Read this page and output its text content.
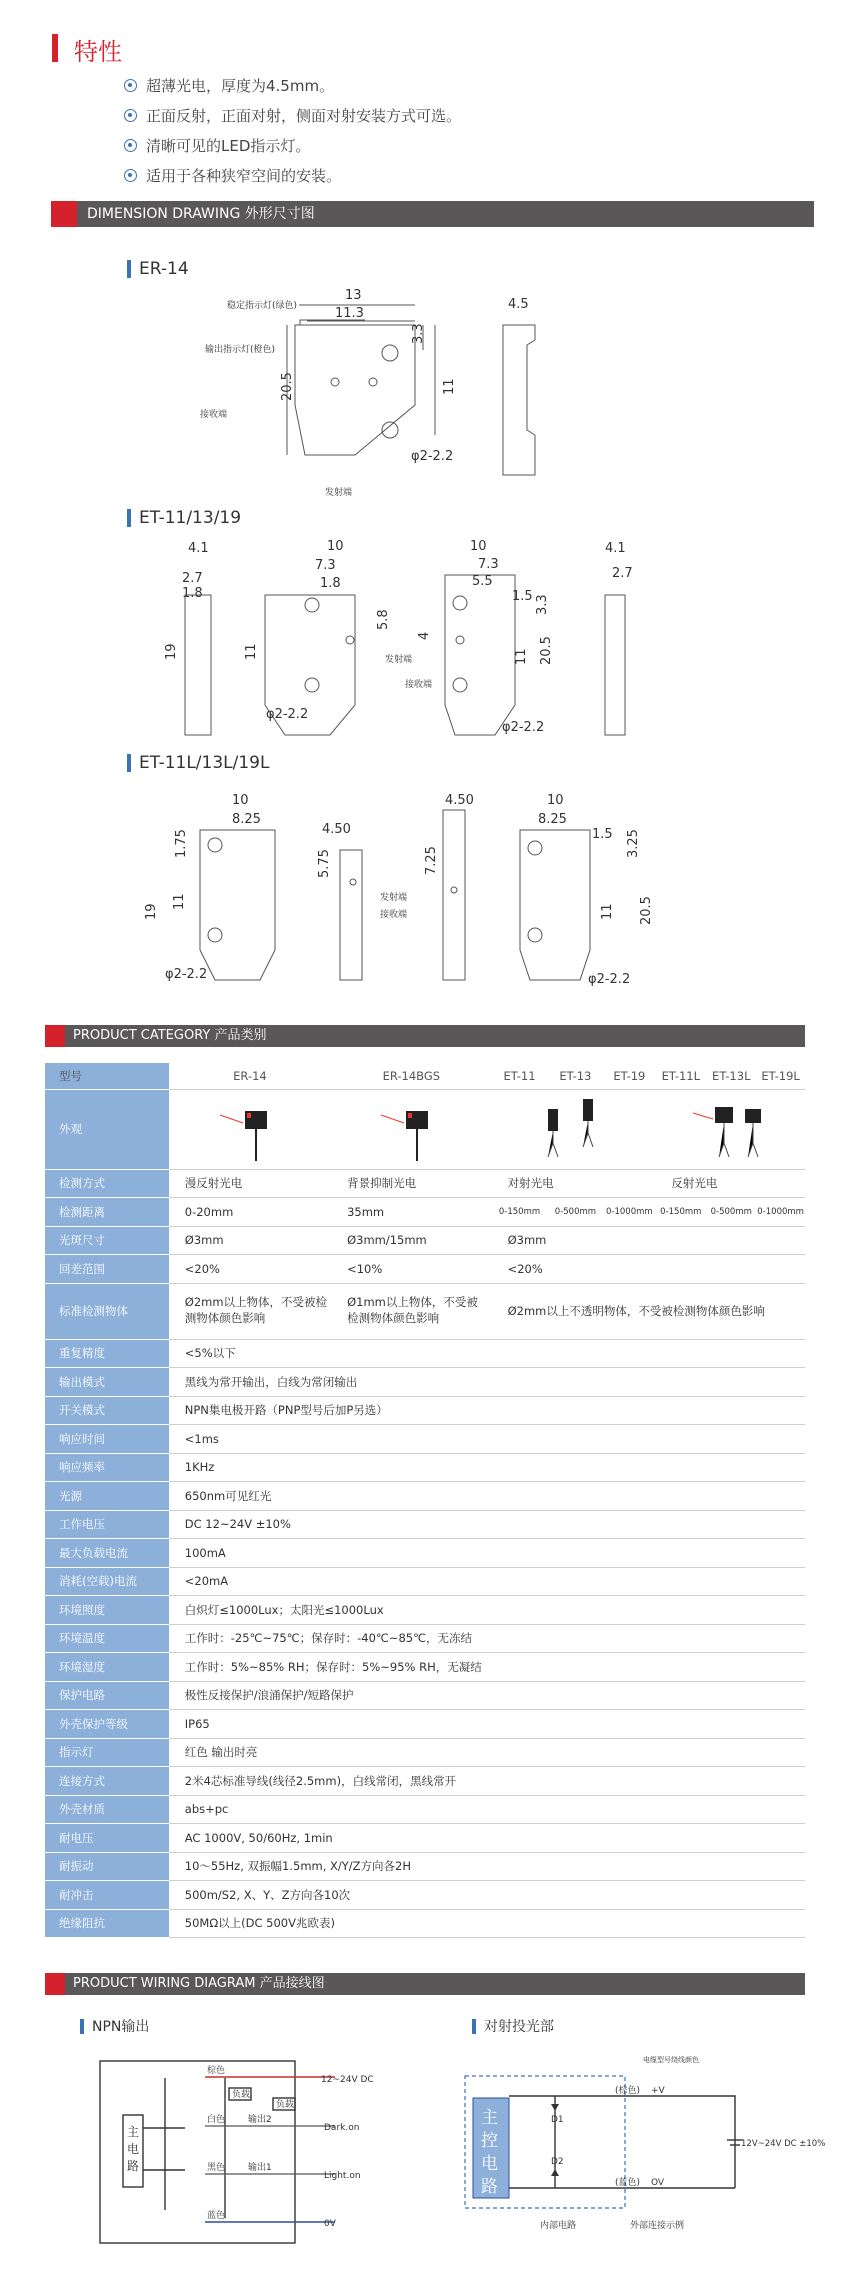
特性
超薄光电，厚度为4.5mm。
正面反射，正面对射，侧面对射安装方式可选。
清晰可见的LED指示灯。
适用于各种狭窄空间的安装。
DIMENSION DRAWING 外形尺寸图
ER-14
13
11.3
3.3
11
20.5
φ2-2.2
稳定指示灯(绿色)
输出指示灯(橙色)
接收端
发射端
4.5
ET-11/13/19
4.1
2.7
1.8
19
10
7.3
1.8
5.8
11
φ2-2.2
发射端
接收端
4
10
7.3
5.5
1.5 3.3
11 20.5
φ2-2.2
4.1
2.7
ET-11L/13L/19L
10
8.25
1.75
19
11
φ2-2.2
4.50
5.75
发射端
接收端
4.50
7.25
10
8.25
1.5 3.25
11 20.5
φ2-2.2
PRODUCT CATEGORY 产品类别
型号	ER-14	ER-14BGS	ET-11	ET-13	ET-19	ET-11L	ET-13L	ET-19L
外观				
检测方式	漫反射光电	背景抑制光电	对射光电			反射光电		
检测距离	0-20mm	35mm	0-150mm	0-500mm	0-1000mm	0-150mm	0-500mm	0-1000mm
光斑尺寸	Ø3mm	Ø3mm/15mm	Ø3mm					
回差范围	<20%	<10%	<20%					
标准检测物体	Ø2mm以上物体，不受被检测物体颜色影响	Ø1mm以上物体，不受被检测物体颜色影响	Ø2mm以上不透明物体，不受被检测物体颜色影响					
重复精度	<5%以下							
输出模式	黑线为常开输出，白线为常闭输出							
开关模式	NPN集电极开路（PNP型号后加P另选）							
响应时间	<1ms							
响应频率	1KHz							
光源	650nm可见红光							
工作电压	DC 12~24V ±10%							
最大负载电流	100mA							
消耗(空载)电流	<20mA							
环境照度	白炽灯≤1000Lux；太阳光≤1000Lux							
环境温度	工作时：-25℃~75℃；保存时：-40℃~85℃，无冻结							
环境湿度	工作时：5%~85% RH；保存时：5%~95% RH，无凝结							
保护电路	极性反接保护/浪涌保护/短路保护							
外壳保护等级	IP65							
指示灯	红色 输出时亮							
连接方式	2米4芯标准导线(线径2.5mm)，白线常闭，黑线常开							
外壳材质	abs+pc							
耐电压	AC 1000V, 50/60Hz, 1min							
耐振动	10～55Hz, 双振幅1.5mm, X/Y/Z方向各2H							
耐冲击	500m/S2, X、Y、Z方向各10次							
绝缘阻抗	50MΩ以上(DC 500V兆欧表)							
PRODUCT WIRING DIAGRAM 产品接线图
NPN输出	对射投光部
主电路
棕色
负载
负载
白色	输出2
黑色	输出1
蓝色
12~24V DC
Dark.on
Light.on
0V
主控电路
D1
D2
电缆型号绕线颜色
(棕色) +V
(蓝色) OV
12V~24V DC ±10%
内部电路	外部连接示例
